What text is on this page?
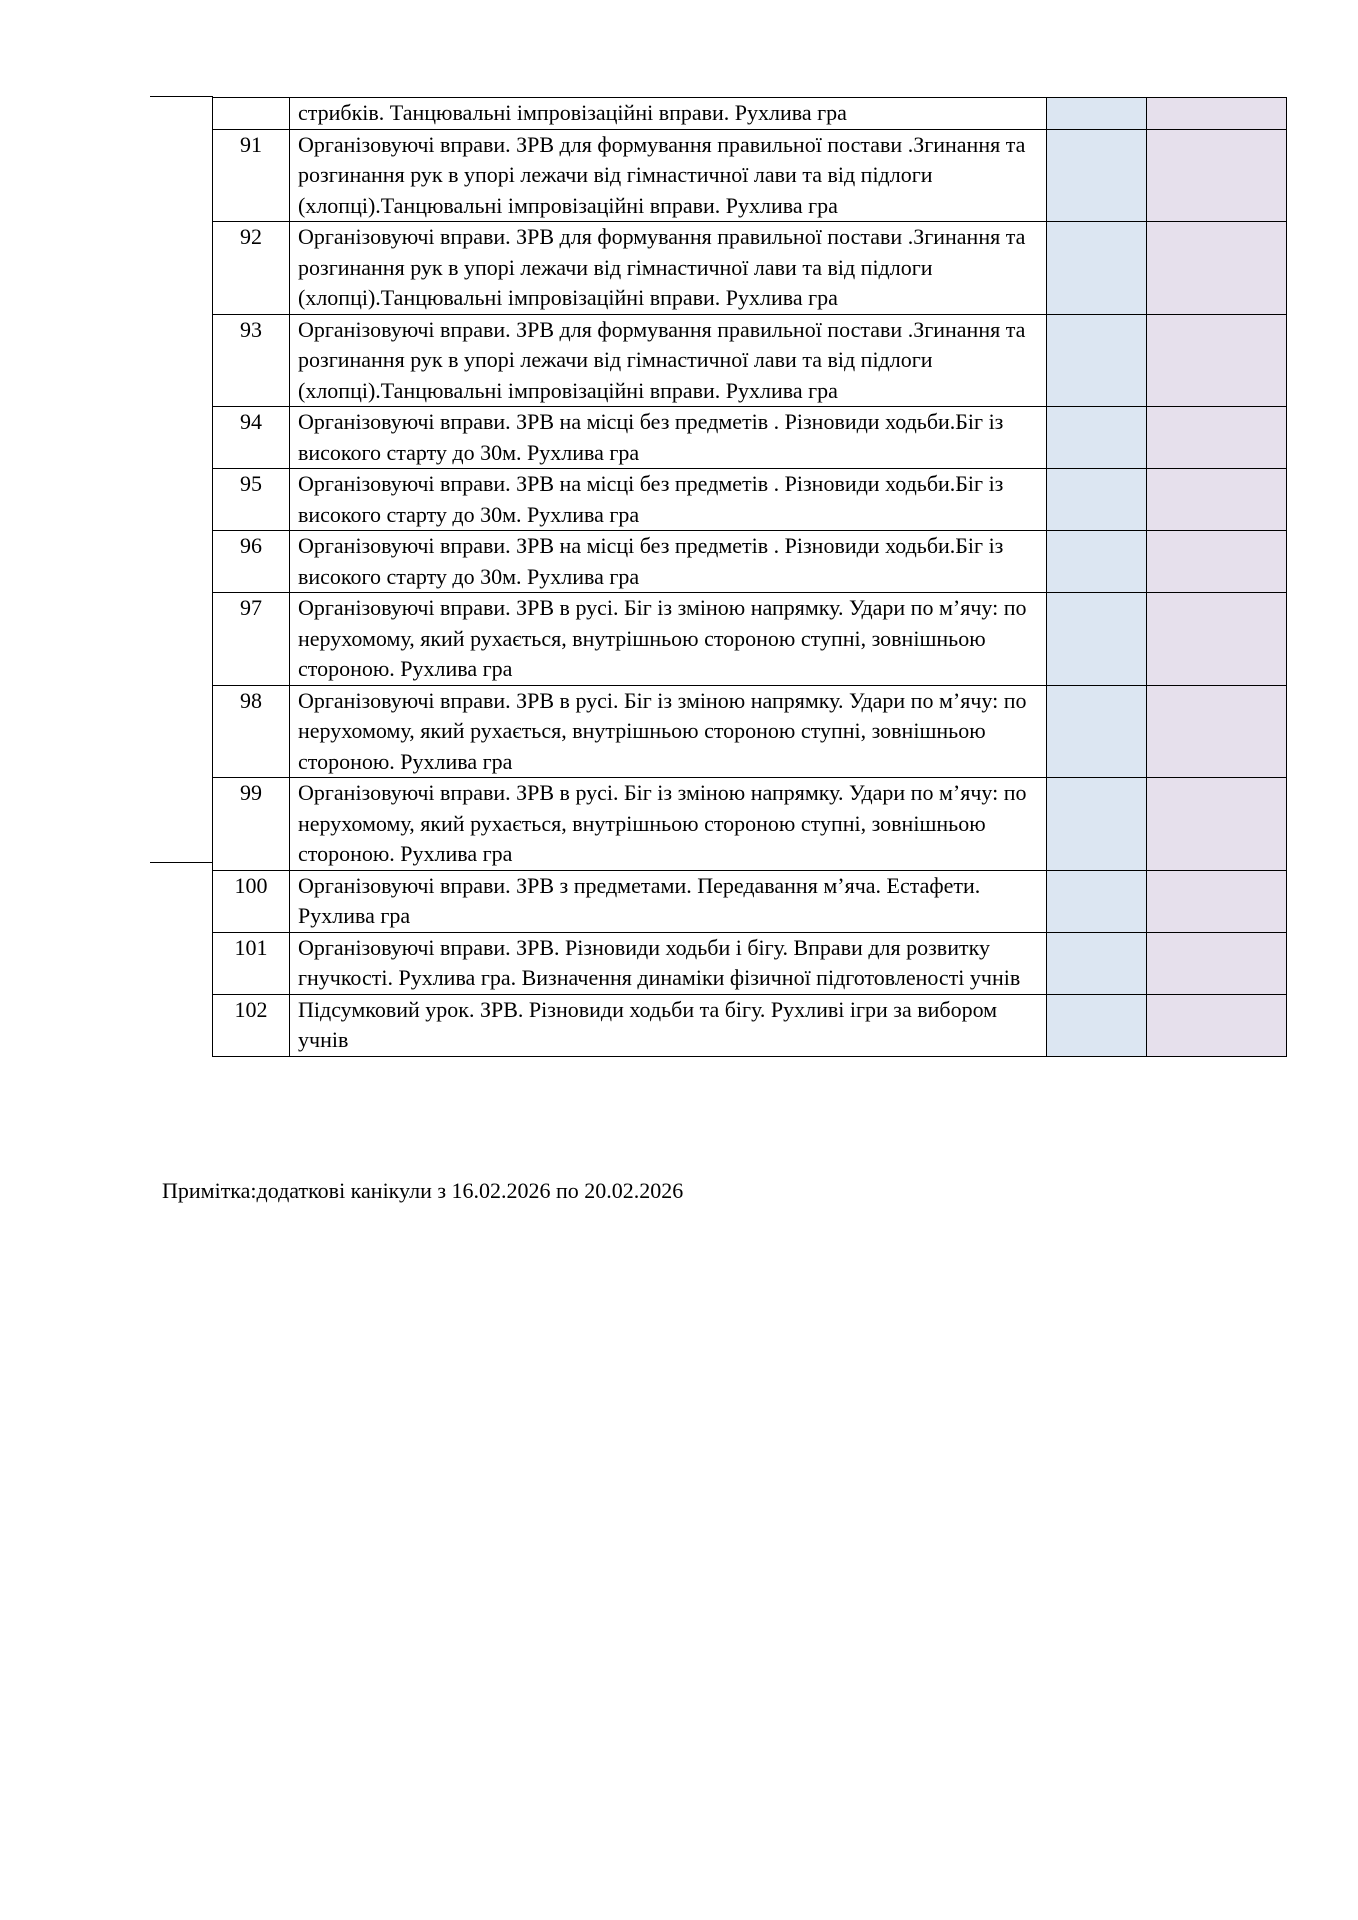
	стрибків. Танцювальні імпровізаційні вправи. Рухлива гра		
91	Організовуючі вправи. ЗРВ для формування правильної постави .Згинання та розгинання рук в упорі лежачи від гімнастичної лави та від підлоги (хлопці).Танцювальні імпровізаційні вправи. Рухлива гра		
92	Організовуючі вправи. ЗРВ для формування правильної постави .Згинання та розгинання рук в упорі лежачи від гімнастичної лави та від підлоги (хлопці).Танцювальні імпровізаційні вправи. Рухлива гра		
93	Організовуючі вправи. ЗРВ для формування правильної постави .Згинання та розгинання рук в упорі лежачи від гімнастичної лави та від підлоги (хлопці).Танцювальні імпровізаційні вправи. Рухлива гра		
94	Організовуючі вправи. ЗРВ на місці без предметів . Різновиди ходьби.Біг із високого старту до 30м. Рухлива гра		
95	Організовуючі вправи. ЗРВ на місці без предметів . Різновиди ходьби.Біг із високого старту до 30м. Рухлива гра		
96	Організовуючі вправи. ЗРВ на місці без предметів . Різновиди ходьби.Біг із високого старту до 30м. Рухлива гра		
97	Організовуючі вправи. ЗРВ в русі. Біг із зміною напрямку. Удари по м’ячу: по нерухомому, який рухається, внутрішньою стороною ступні, зовнішньою стороною. Рухлива гра		
98	Організовуючі вправи. ЗРВ в русі. Біг із зміною напрямку. Удари по м’ячу: по нерухомому, який рухається, внутрішньою стороною ступні, зовнішньою стороною. Рухлива гра		
99	Організовуючі вправи. ЗРВ в русі. Біг із зміною напрямку. Удари по м’ячу: по нерухомому, який рухається, внутрішньою стороною ступні, зовнішньою стороною. Рухлива гра		
100	Організовуючі вправи. ЗРВ з предметами. Передавання м’яча. Естафети. Рухлива гра		
101	Організовуючі вправи. ЗРВ. Різновиди ходьби і бігу. Вправи для розвитку гнучкості. Рухлива гра. Визначення динаміки фізичної підготовленості учнів		
102	Підсумковий урок. ЗРВ. Різновиди ходьби та бігу. Рухливі ігри за вибором учнів		
Примітка:додаткові канікули з 16.02.2026 по 20.02.2026
